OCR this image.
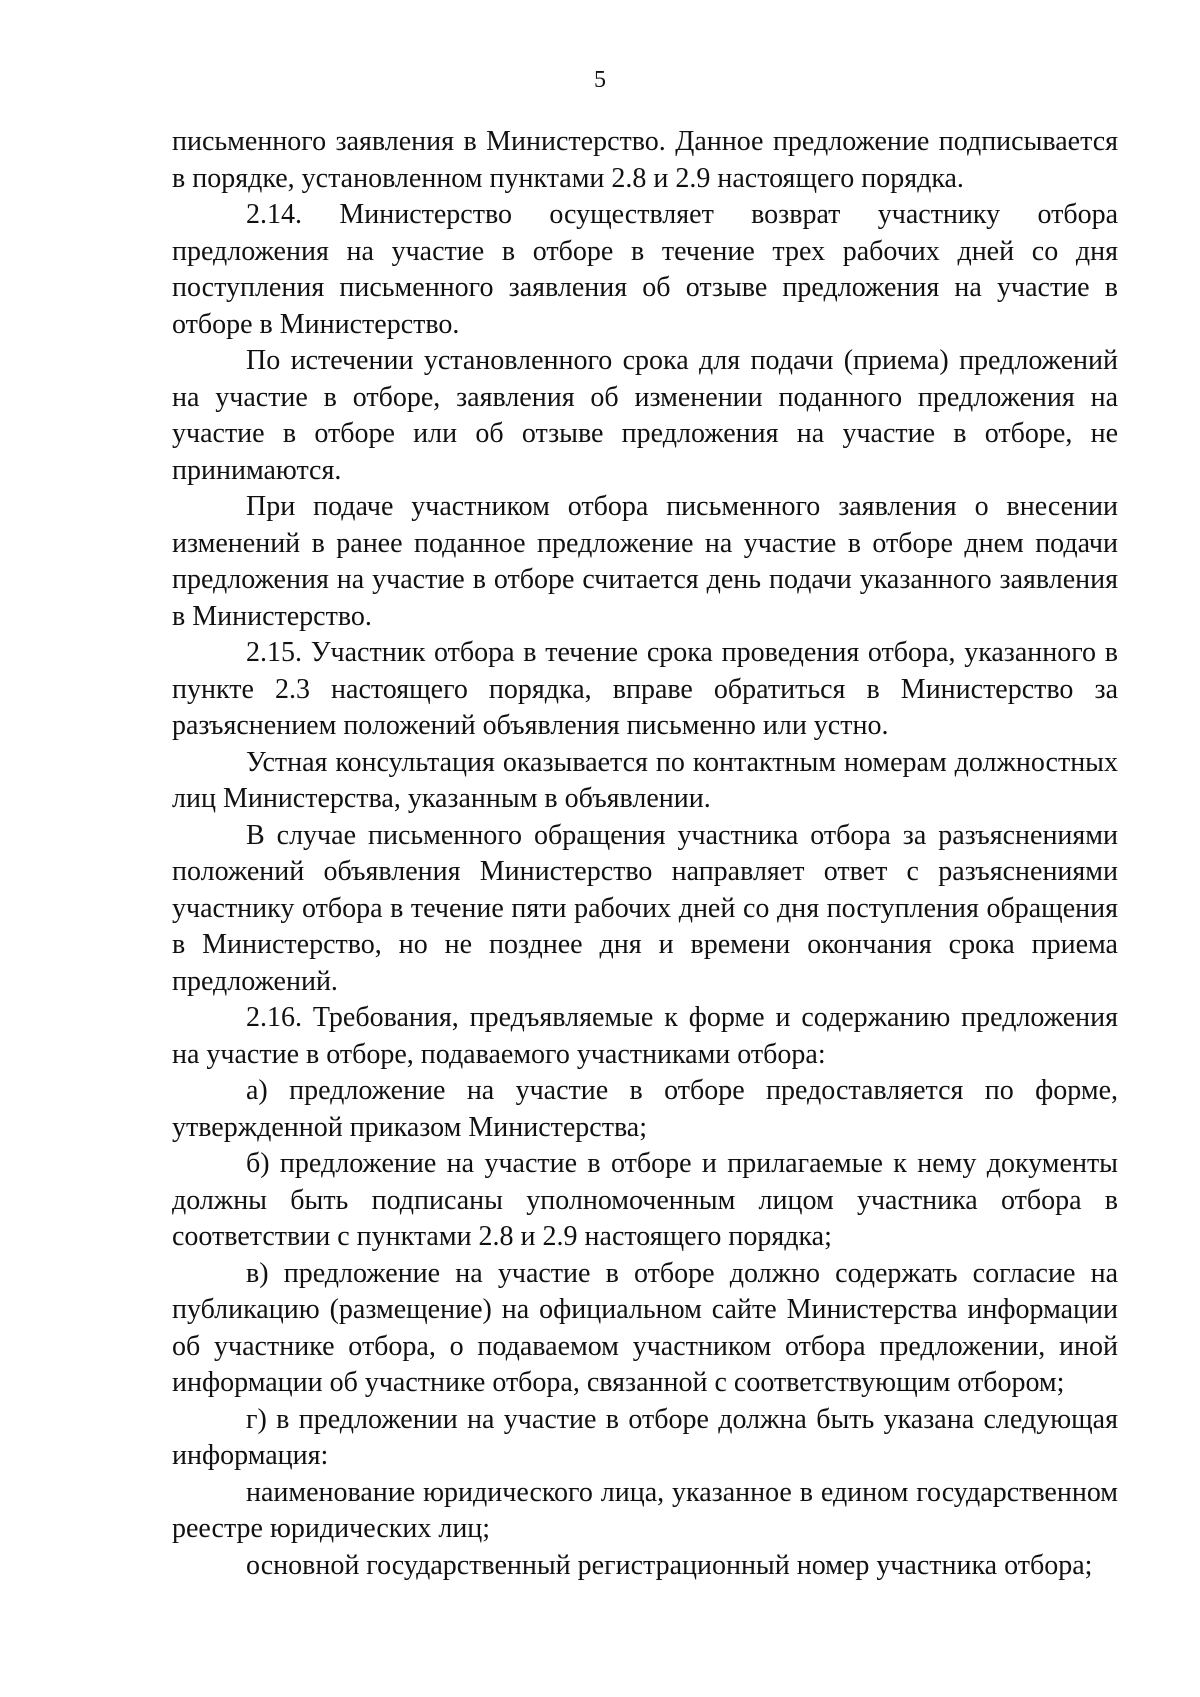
5

письменного заявления в Министерство. Данное предложение подписывается в порядке, установленном пунктами 2.8 и 2.9 настоящего порядка.

2.14. Министерство осуществляет возврат участнику отбора предложения на участие в отборе в течение трех рабочих дней со дня поступления письменного заявления об отзыве предложения на участие в отборе в Министерство.

По истечении установленного срока для подачи (приема) предложений на участие в отборе, заявления об изменении поданного предложения на участие в отборе или об отзыве предложения на участие в отборе, не принимаются.

При подаче участником отбора письменного заявления о внесении изменений в ранее поданное предложение на участие в отборе днем подачи предложения на участие в отборе считается день подачи указанного заявления в Министерство.

2.15. Участник отбора в течение срока проведения отбора, указанного в пункте 2.3 настоящего порядка, вправе обратиться в Министерство за разъяснением положений объявления письменно или устно.

Устная консультация оказывается по контактным номерам должностных лиц Министерства, указанным в объявлении.

В случае письменного обращения участника отбора за разъяснениями положений объявления Министерство направляет ответ с разъяснениями участнику отбора в течение пяти рабочих дней со дня поступления обращения в Министерство, но не позднее дня и времени окончания срока приема предложений.

2.16. Требования, предъявляемые к форме и содержанию предложения на участие в отборе, подаваемого участниками отбора:

а) предложение на участие в отборе предоставляется по форме, утвержденной приказом Министерства;

б) предложение на участие в отборе и прилагаемые к нему документы должны быть подписаны уполномоченным лицом участника отбора в соответствии с пунктами 2.8 и 2.9 настоящего порядка;

в) предложение на участие в отборе должно содержать согласие на публикацию (размещение) на официальном сайте Министерства информации об участнике отбора, о подаваемом участником отбора предложении, иной информации об участнике отбора, связанной с соответствующим отбором;

г) в предложении на участие в отборе должна быть указана следующая информация:

наименование юридического лица, указанное в едином государственном реестре юридических лиц;

основной государственный регистрационный номер участника отбора;
